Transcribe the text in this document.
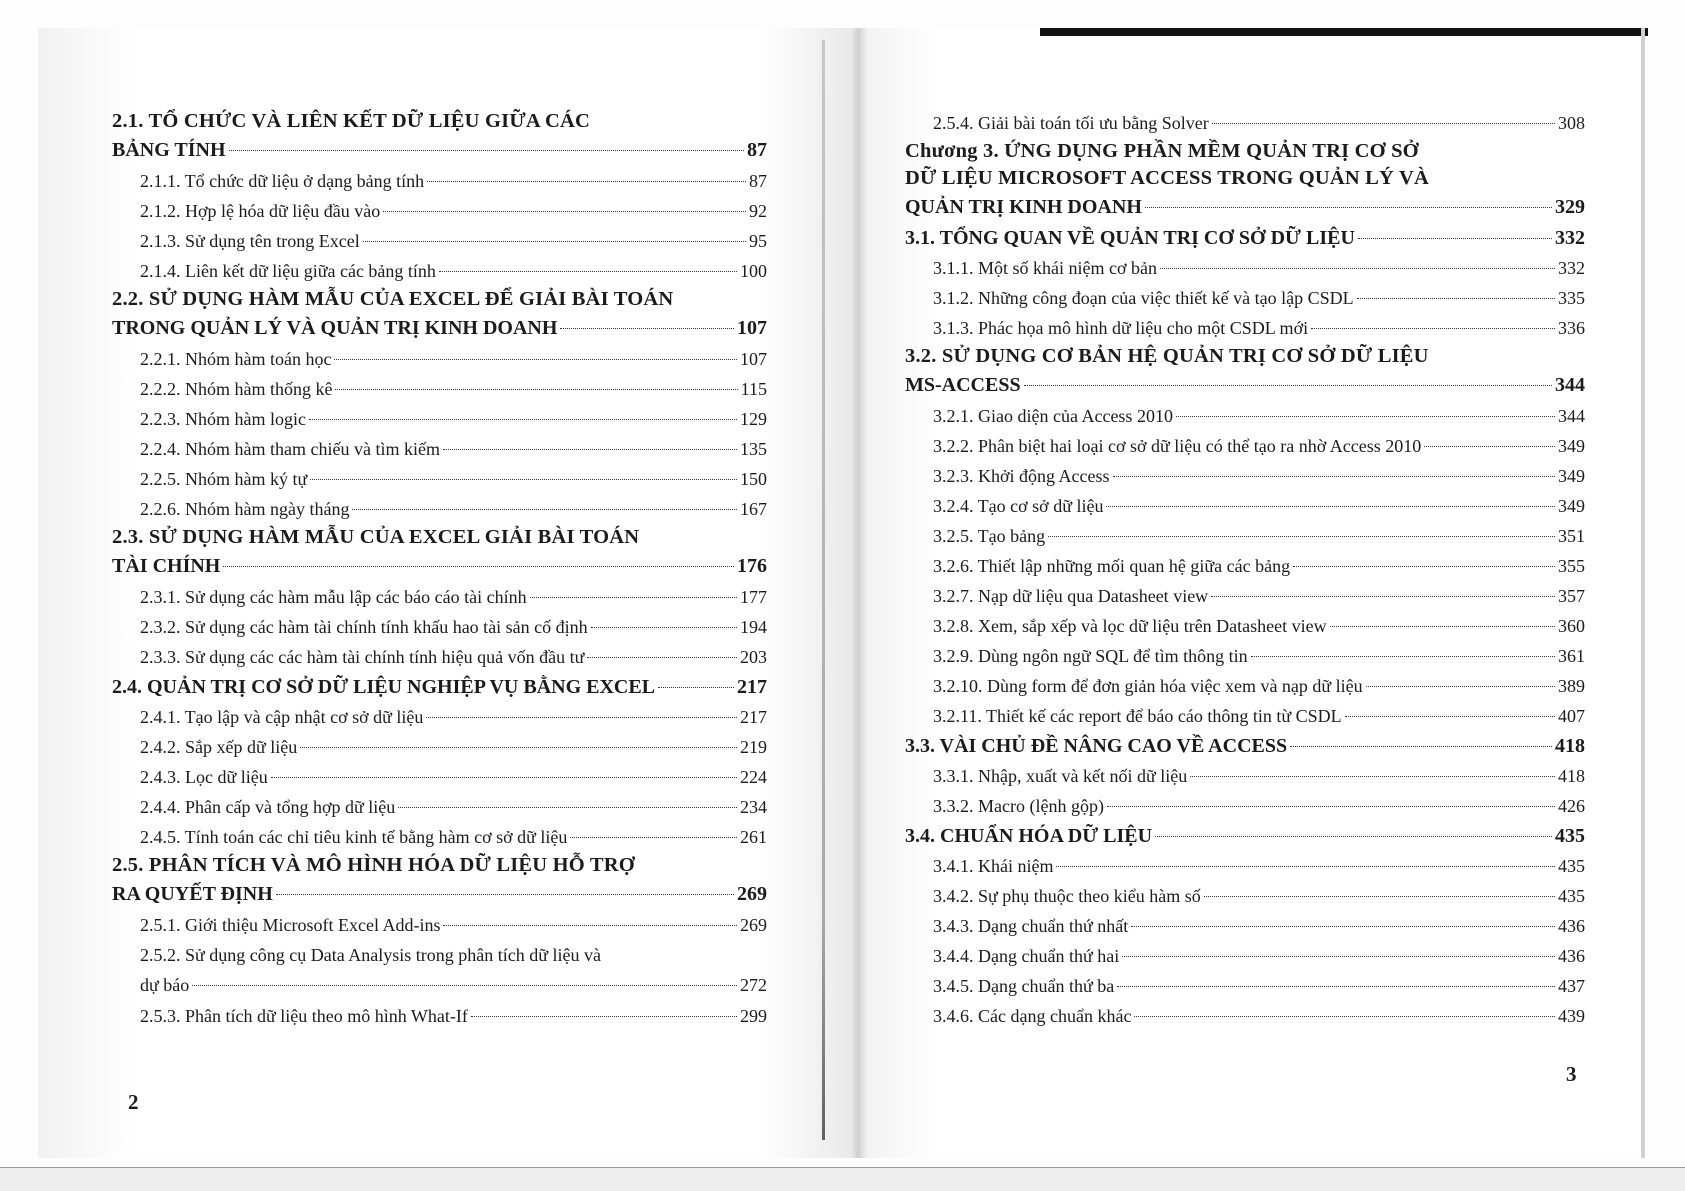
2.1. TỔ CHỨC VÀ LIÊN KẾT DỮ LIỆU GIỮA CÁC
BẢNG TÍNH	87
2.1.1. Tổ chức dữ liệu ở dạng bảng tính	87
2.1.2. Hợp lệ hóa dữ liệu đầu vào	92
2.1.3. Sử dụng tên trong Excel	95
2.1.4. Liên kết dữ liệu giữa các bảng tính	100
2.2. SỬ DỤNG HÀM MẪU CỦA EXCEL ĐỂ GIẢI BÀI TOÁN
TRONG QUẢN LÝ VÀ QUẢN TRỊ KINH DOANH	107
2.2.1. Nhóm hàm toán học	107
2.2.2. Nhóm hàm thống kê	115
2.2.3. Nhóm hàm logic	129
2.2.4. Nhóm hàm tham chiếu và tìm kiếm	135
2.2.5. Nhóm hàm ký tự	150
2.2.6. Nhóm hàm ngày tháng	167
2.3. SỬ DỤNG HÀM MẪU CỦA EXCEL GIẢI BÀI TOÁN
TÀI CHÍNH	176
2.3.1. Sử dụng các hàm mẫu lập các báo cáo tài chính	177
2.3.2. Sử dụng các hàm tài chính tính khấu hao tài sản cố định	194
2.3.3. Sử dụng các các hàm tài chính tính hiệu quả vốn đầu tư	203
2.4. QUẢN TRỊ CƠ SỞ DỮ LIỆU NGHIỆP VỤ BẰNG EXCEL	217
2.4.1. Tạo lập và cập nhật cơ sở dữ liệu	217
2.4.2. Sắp xếp dữ liệu	219
2.4.3. Lọc dữ liệu	224
2.4.4. Phân cấp và tổng hợp dữ liệu	234
2.4.5. Tính toán các chỉ tiêu kinh tế bằng hàm cơ sở dữ liệu	261
2.5. PHÂN TÍCH VÀ MÔ HÌNH HÓA DỮ LIỆU HỖ TRỢ
RA QUYẾT ĐỊNH	269
2.5.1. Giới thiệu Microsoft Excel Add-ins	269
2.5.2. Sử dụng công cụ Data Analysis trong phân tích dữ liệu và
dự báo	272
2.5.3. Phân tích dữ liệu theo mô hình What-If	299
2.5.4. Giải bài toán tối ưu bằng Solver	308
Chương 3. ỨNG DỤNG PHẦN MỀM QUẢN TRỊ CƠ SỞ
DỮ LIỆU MICROSOFT ACCESS TRONG QUẢN LÝ VÀ
QUẢN TRỊ KINH DOANH	329
3.1. TỔNG QUAN VỀ QUẢN TRỊ CƠ SỞ DỮ LIỆU	332
3.1.1. Một số khái niệm cơ bản	332
3.1.2. Những công đoạn của việc thiết kế và tạo lập CSDL	335
3.1.3. Phác họa mô hình dữ liệu cho một CSDL mới	336
3.2. SỬ DỤNG CƠ BẢN HỆ QUẢN TRỊ CƠ SỞ DỮ LIỆU
MS-ACCESS	344
3.2.1. Giao diện của Access 2010	344
3.2.2. Phân biệt hai loại cơ sở dữ liệu có thể tạo ra nhờ Access 2010	349
3.2.3. Khởi động Access	349
3.2.4. Tạo cơ sở dữ liệu	349
3.2.5. Tạo bảng	351
3.2.6. Thiết lập những mối quan hệ giữa các bảng	355
3.2.7. Nạp dữ liệu qua Datasheet view	357
3.2.8. Xem, sắp xếp và lọc dữ liệu trên Datasheet view	360
3.2.9. Dùng ngôn ngữ SQL để tìm thông tin	361
3.2.10. Dùng form để đơn giản hóa việc xem và nạp dữ liệu	389
3.2.11. Thiết kế các report để báo cáo thông tin từ CSDL	407
3.3. VÀI CHỦ ĐỀ NÂNG CAO VỀ ACCESS	418
3.3.1. Nhập, xuất và kết nối dữ liệu	418
3.3.2. Macro (lệnh gộp)	426
3.4. CHUẨN HÓA DỮ LIỆU	435
3.4.1. Khái niệm	435
3.4.2. Sự phụ thuộc theo kiểu hàm số	435
3.4.3. Dạng chuẩn thứ nhất	436
3.4.4. Dạng chuẩn thứ hai	436
3.4.5. Dạng chuẩn thứ ba	437
3.4.6. Các dạng chuẩn khác	439
2
3
